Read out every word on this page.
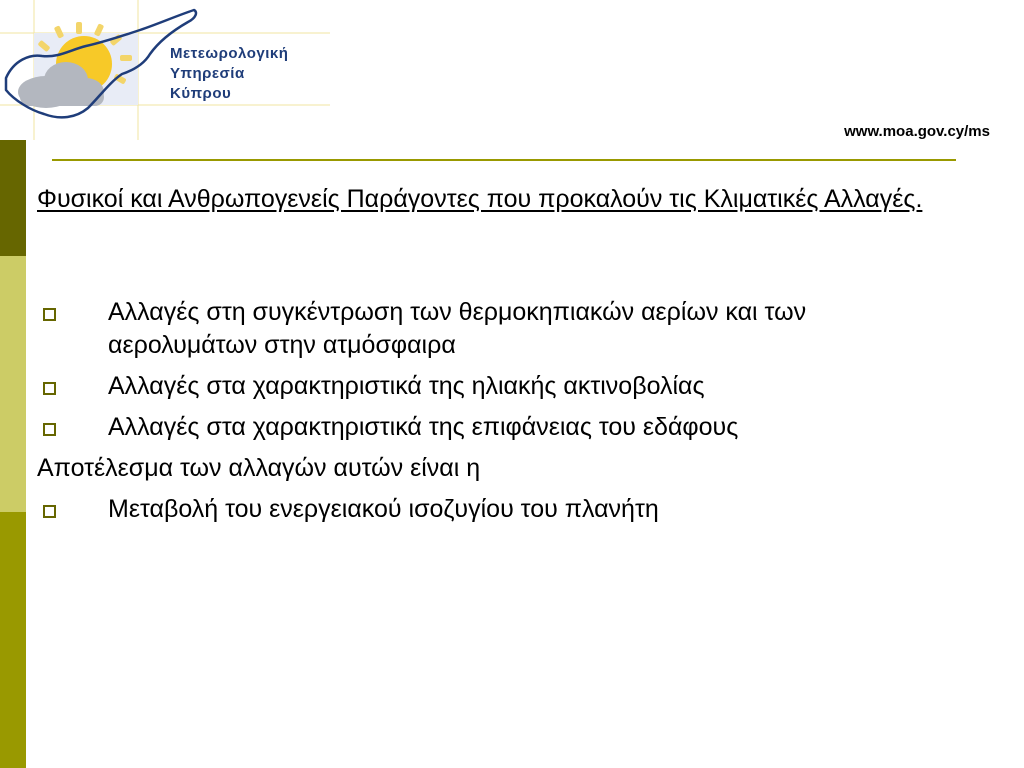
Μετεωρολογική
Υπηρεσία
Κύπρου
www.moa.gov.cy/ms
Φυσικοί και Ανθρωπογενείς Παράγοντες που προκαλούν τις Κλιματικές Αλλαγές.
Αλλαγές στη συγκέντρωση των θερμοκηπιακών αερίων και των αερολυμάτων στην ατμόσφαιρα
Αλλαγές στα χαρακτηριστικά της ηλιακής ακτινοβολίας
Αλλαγές στα χαρακτηριστικά της επιφάνειας του εδάφους
Αποτέλεσμα των αλλαγών αυτών είναι η
Μεταβολή του ενεργειακού ισοζυγίου του πλανήτη
